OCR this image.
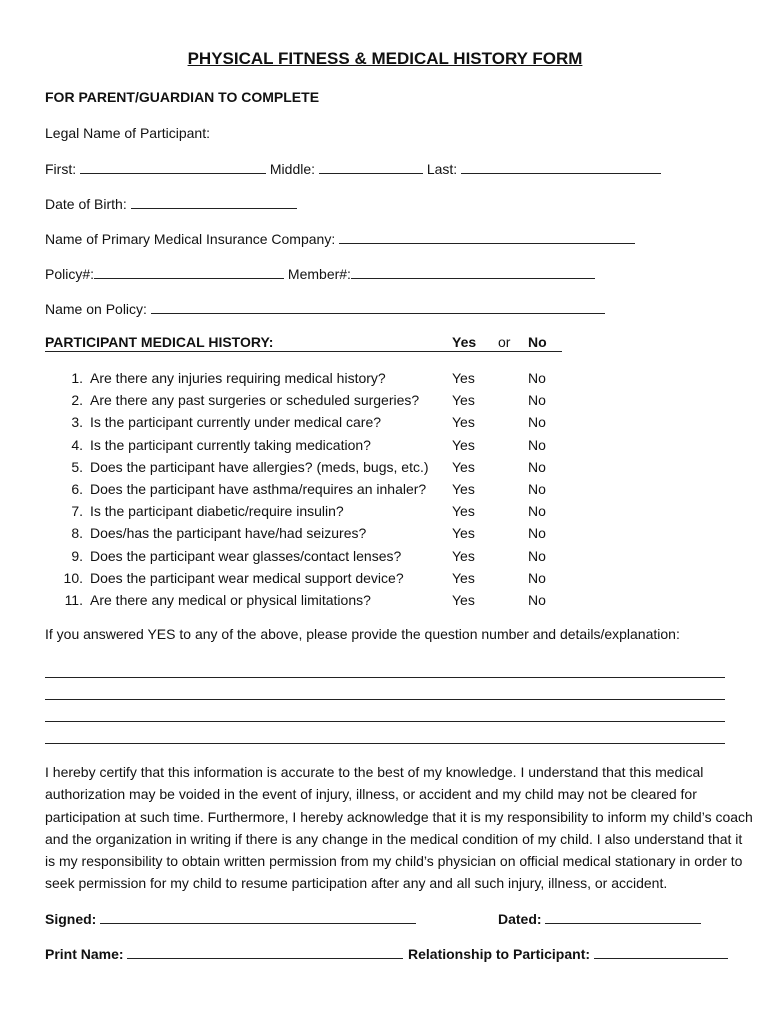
PHYSICAL FITNESS & MEDICAL HISTORY FORM
FOR PARENT/GUARDIAN TO COMPLETE
Legal Name of Participant:
First:	Middle:	Last:
Date of Birth:
Name of Primary Medical Insurance Company:
Policy#:	Member#:
Name on Policy:
PARTICIPANT MEDICAL HISTORY:	Yes or No
1. Are there any injuries requiring medical history?	Yes	No
2. Are there any past surgeries or scheduled surgeries? Yes	No
3. Is the participant currently under medical care?	Yes	No
4. Is the participant currently taking medication?	Yes	No
5. Does the participant have allergies? (meds, bugs, etc.) Yes	No
6. Does the participant have asthma/requires an inhaler? Yes	No
7. Is the participant diabetic/require insulin?	Yes	No
8. Does/has the participant have/had seizures?	Yes	No
9. Does the participant wear glasses/contact lenses?	Yes	No
10. Does the participant wear medical support device?	Yes	No
11. Are there any medical or physical limitations?	Yes	No
If you answered YES to any of the above, please provide the question number and details/explanation:
I hereby certify that this information is accurate to the best of my knowledge. I understand that this medical
authorization may be voided in the event of injury, illness, or accident and my child may not be cleared for
participation at such time. Furthermore, I hereby acknowledge that it is my responsibility to inform my child’s coach
and the organization in writing if there is any change in the medical condition of my child. I also understand that it
is my responsibility to obtain written permission from my child’s physician on official medical stationary in order to
seek permission for my child to resume participation after any and all such injury, illness, or accident.
Signed:	Dated:
Print Name:	Relationship to Participant:
